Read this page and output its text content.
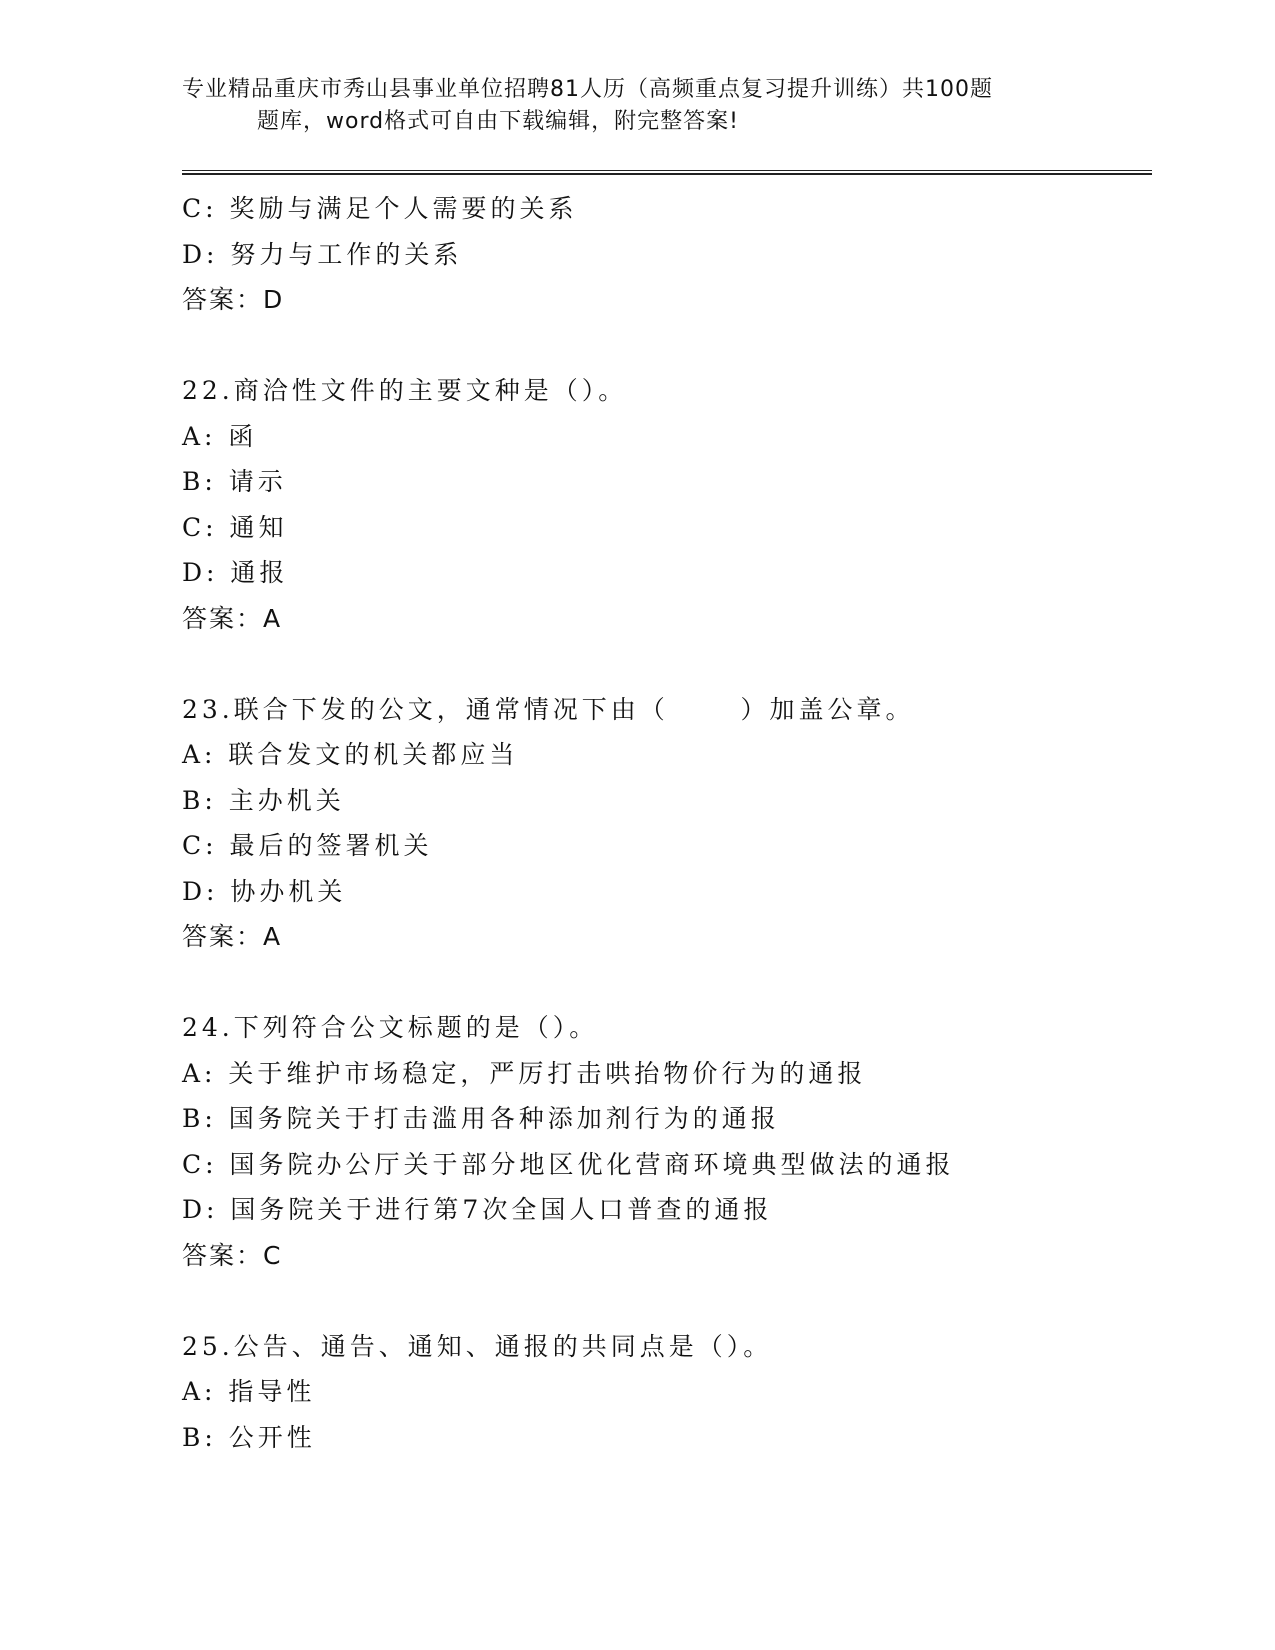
专业精品重庆市秀山县事业单位招聘81人历（高频重点复习提升训练）共100题
题库，word格式可自由下载编辑，附完整答案!
C: 奖励与满足个人需要的关系
D: 努力与工作的关系
答案：D
22.商洽性文件的主要文种是（）。
A: 函
B: 请示
C: 通知
D: 通报
答案：A
23.联合下发的公文，通常情况下由（      ）加盖公章。
A: 联合发文的机关都应当
B: 主办机关
C: 最后的签署机关
D: 协办机关
答案：A
24.下列符合公文标题的是（）。
A: 关于维护市场稳定，严厉打击哄抬物价行为的通报
B: 国务院关于打击滥用各种添加剂行为的通报
C: 国务院办公厅关于部分地区优化营商环境典型做法的通报
D: 国务院关于进行第7次全国人口普查的通报
答案：C
25.公告、通告、通知、通报的共同点是（）。
A: 指导性
B: 公开性
